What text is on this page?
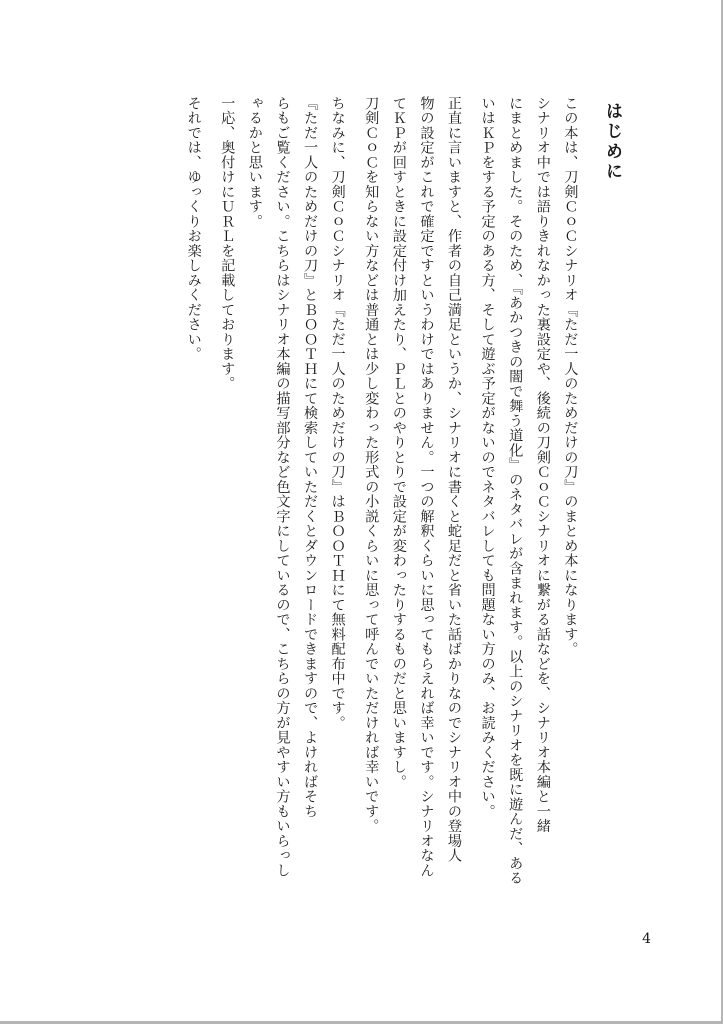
はじめに

この本は、刀剣ＣｏＣシナリオ『ただ一人のためだけの刀』のまとめ本になります。
シナリオ中では語りきれなかった裏設定や、後続の刀剣ＣｏＣシナリオに繋がる話などを、シナリオ本編と一緒
にまとめました。そのため、『あかつきの闇で舞う道化』のネタバレが含まれます。以上のシナリオを既に遊んだ、ある
いはＫＰをする予定のある方、そして遊ぶ予定がないのでネタバレしても問題ない方のみ、お読みください。

正直に言いますと、作者の自己満足というか、シナリオに書くと蛇足だと省いた話ばかりなのでシナリオ中の登場人
物の設定がこれで確定ですというわけではありません。一つの解釈くらいに思ってもらえれば幸いです。シナリオなん
てＫＰが回すときに設定付け加えたり、ＰＬとのやりとりで設定が変わったりするものだと思いますし。
刀剣ＣｏＣを知らない方などは普通とは少し変わった形式の小説くらいに思って呼んでいただければ幸いです。

ちなみに、刀剣ＣｏＣシナリオ『ただ一人のためだけの刀』はＢＯＯＴＨにて無料配布中です。
『ただ一人のためだけの刀』とＢＯＯＴＨにて検索していただくとダウンロードできますので、よければそち
らもご覧ください。こちらはシナリオ本編の描写部分など色文字にしているので、こちらの方が見やすい方もいらっし
ゃるかと思います。
一応、奥付けにＵＲＬを記載しております。

それでは、ゆっくりお楽しみください。

4
